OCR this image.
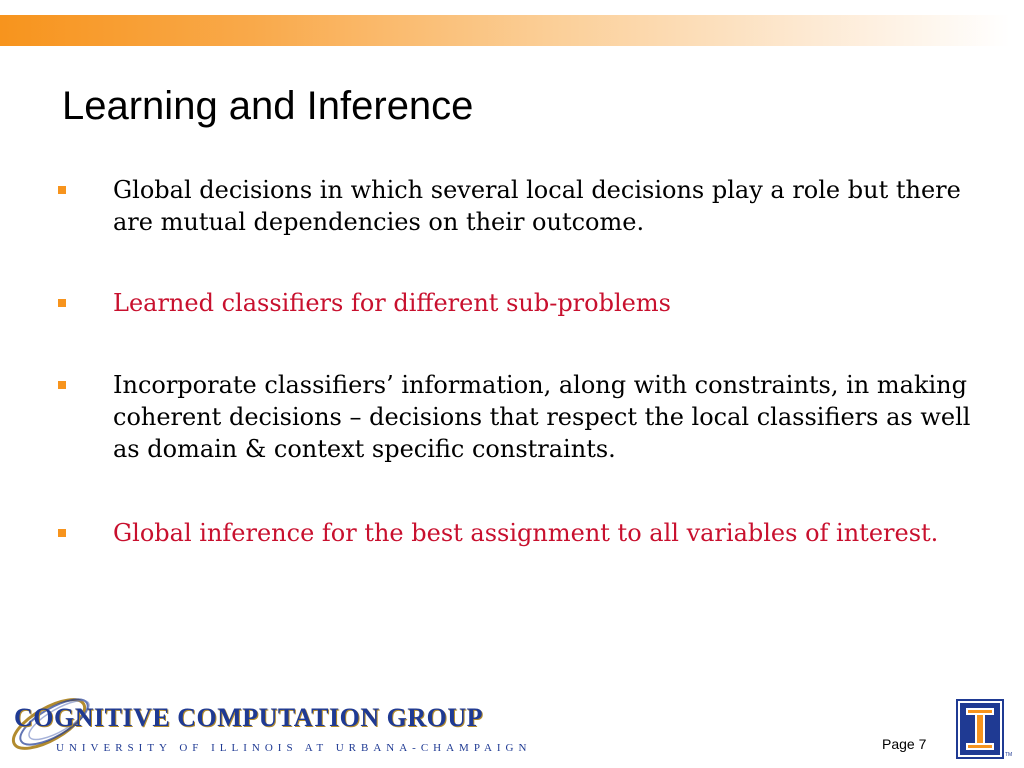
Learning and Inference
Global decisions in which several local decisions play a role but there are mutual dependencies on their outcome.
Learned classifiers for different sub-problems
Incorporate classifiers’ information, along with constraints, in making coherent decisions – decisions that respect the local classifiers as well as domain & context specific constraints.
Global inference for the best assignment to all variables of interest.
COGNITIVE COMPUTATION GROUP
UNIVERSITY OF ILLINOIS AT URBANA-CHAMPAIGN	Page 7
TM
